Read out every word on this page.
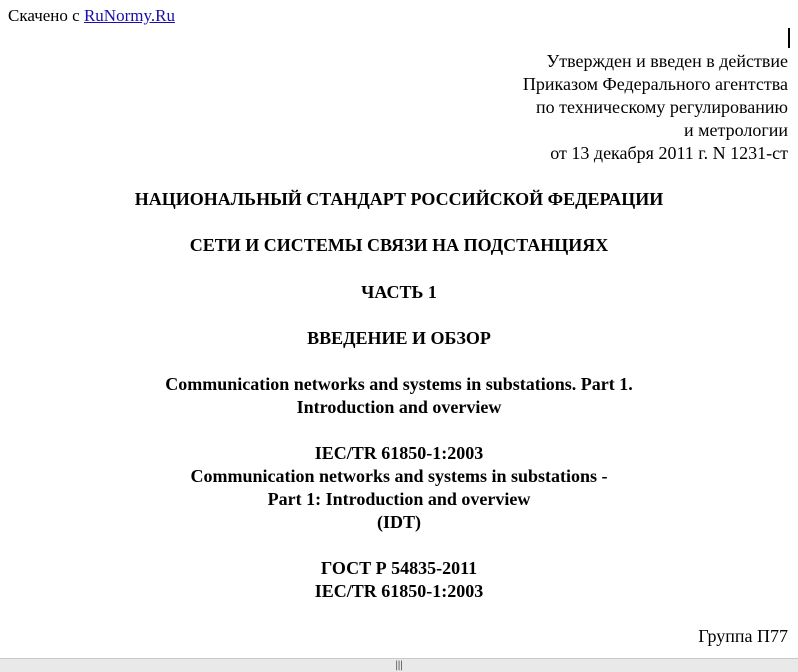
Скачено с RuNormy.Ru
Утвержден и введен в действие
Приказом Федерального агентства
по техническому регулированию
и метрологии
от 13 декабря 2011 г. N 1231-ст
НАЦИОНАЛЬНЫЙ СТАНДАРТ РОССИЙСКОЙ ФЕДЕРАЦИИ
СЕТИ И СИСТЕМЫ СВЯЗИ НА ПОДСТАНЦИЯХ
ЧАСТЬ 1
ВВЕДЕНИЕ И ОБЗОР
Communication networks and systems in substations. Part 1.
Introduction and overview
IEC/TR 61850-1:2003
Communication networks and systems in substations -
Part 1: Introduction and overview
(IDT)
ГОСТ Р 54835-2011
IEC/TR 61850-1:2003
Группа П77
|||
